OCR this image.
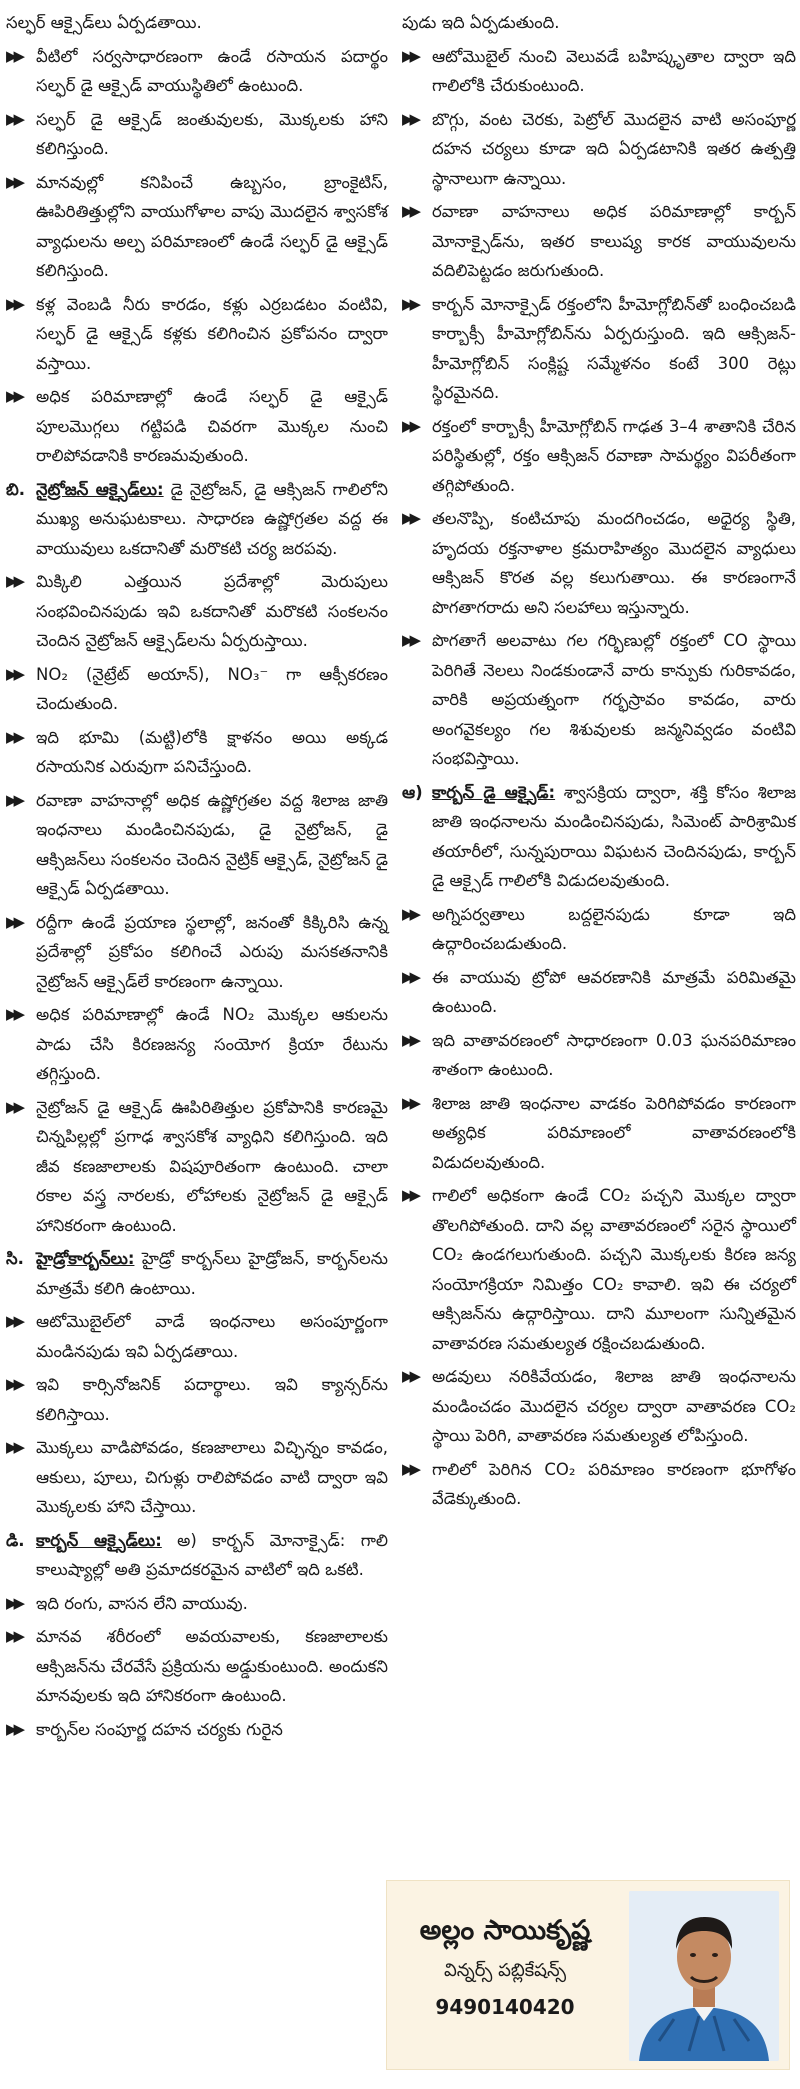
సల్ఫర్ ఆక్సైడ్‌లు ఏర్పడతాయి.
▶▶ వీటిలో సర్వసాధారణంగా ఉండే రసాయన పదార్థం సల్ఫర్ డై ఆక్సైడ్ వాయుస్థితిలో ఉంటుంది.
▶▶ సల్ఫర్ డై ఆక్సైడ్ జంతువులకు, మొక్కలకు హాని కలిగిస్తుంది.
▶▶ మానవుల్లో కనిపించే ఉబ్బసం, బ్రాంకైటిస్, ఊపిరితిత్తుల్లోని వాయుగోళాల వాపు మొదలైన శ్వాసకోశ వ్యాధులను అల్ప పరిమాణంలో ఉండే సల్ఫర్ డై ఆక్సైడ్ కలిగిస్తుంది.
▶▶ కళ్ల వెంబడి నీరు కారడం, కళ్లు ఎర్రబడటం వంటివి, సల్ఫర్ డై ఆక్సైడ్ కళ్లకు కలిగించిన ప్రకోపనం ద్వారా వస్తాయి.
▶▶ అధిక పరిమాణాల్లో ఉండే సల్ఫర్ డై ఆక్సైడ్ పూలమొగ్గలు గట్టిపడి చివరగా మొక్కల నుంచి రాలిపోవడానికి కారణమవుతుంది.
బి. నైట్రోజన్ ఆక్సైడ్‌లు: డై నైట్రోజన్, డై ఆక్సిజన్ గాలిలోని ముఖ్య అనుఘటకాలు. సాధారణ ఉష్ణోగ్రతల వద్ద ఈ వాయువులు ఒకదానితో మరొకటి చర్య జరపవు.
▶▶ మిక్కిలి ఎత్తయిన ప్రదేశాల్లో మెరుపులు సంభవించినపుడు ఇవి ఒకదానితో మరొకటి సంకలనం చెందిన నైట్రోజన్ ఆక్సైడ్‌లను ఏర్పరుస్తాయి.
▶▶ NO₂ (నైట్రేట్ అయాన్), NO₃⁻ గా ఆక్సీకరణం చెందుతుంది.
▶▶ ఇది భూమి (మట్టి)లోకి క్షాళనం అయి అక్కడ రసాయనిక ఎరువుగా పనిచేస్తుంది.
▶▶ రవాణా వాహనాల్లో అధిక ఉష్ణోగ్రతల వద్ద శిలాజ జాతి ఇంధనాలు మండించినపుడు, డై నైట్రోజన్, డై ఆక్సిజన్‌లు సంకలనం చెందిన నైట్రిక్ ఆక్సైడ్, నైట్రోజన్ డై ఆక్సైడ్ ఏర్పడతాయి.
▶▶ రద్దీగా ఉండే ప్రయాణ స్థలాల్లో, జనంతో కిక్కిరిసి ఉన్న ప్రదేశాల్లో ప్రకోపం కలిగించే ఎరుపు మసకతనానికి నైట్రోజన్ ఆక్సైడ్‌లే కారణంగా ఉన్నాయి.
▶▶ అధిక పరిమాణాల్లో ఉండే NO₂ మొక్కల ఆకులను పాడు చేసి కిరణజన్య సంయోగ క్రియా రేటును తగ్గిస్తుంది.
▶▶ నైట్రోజన్ డై ఆక్సైడ్ ఊపిరితిత్తుల ప్రకోపానికి కారణమై చిన్నపిల్లల్లో ప్రగాఢ శ్వాసకోశ వ్యాధిని కలిగిస్తుంది. ఇది జీవ కణజాలాలకు విషపూరితంగా ఉంటుంది. చాలా రకాల వస్త్ర నారలకు, లోహాలకు నైట్రోజన్ డై ఆక్సైడ్ హానికరంగా ఉంటుంది.
సి. హైడ్రోకార్బన్‌లు: హైడ్రో కార్బన్‌లు హైడ్రోజన్, కార్బన్‌లను మాత్రమే కలిగి ఉంటాయి.
▶▶ ఆటోమొబైల్‌లో వాడే ఇంధనాలు అసంపూర్ణంగా మండినపుడు ఇవి ఏర్పడతాయి.
▶▶ ఇవి కార్సినోజనిక్ పదార్థాలు. ఇవి క్యాన్సర్‌ను కలిగిస్తాయి.
▶▶ మొక్కలు వాడిపోవడం, కణజాలాలు విచ్ఛిన్నం కావడం, ఆకులు, పూలు, చిగుళ్లు రాలిపోవడం వాటి ద్వారా ఇవి మొక్కలకు హాని చేస్తాయి.
డి. కార్బన్ ఆక్సైడ్‌లు: అ) కార్బన్ మోనాక్సైడ్: గాలి కాలుష్యాల్లో అతి ప్రమాదకరమైన వాటిలో ఇది ఒకటి.
▶▶ ఇది రంగు, వాసన లేని వాయువు.
▶▶ మానవ శరీరంలో అవయవాలకు, కణజాలాలకు ఆక్సిజన్‌ను చేరవేసే ప్రక్రియను అడ్డుకుంటుంది. అందుకని మానవులకు ఇది హానికరంగా ఉంటుంది.
▶▶ కార్బన్‌ల సంపూర్ణ దహన చర్యకు గురైన
పుడు ఇది ఏర్పడుతుంది.
▶▶ ఆటోమొబైల్ నుంచి వెలువడే బహిష్కృతాల ద్వారా ఇది గాలిలోకి చేరుకుంటుంది.
▶▶ బొగ్గు, వంట చెరకు, పెట్రోల్ మొదలైన వాటి అసంపూర్ణ దహన చర్యలు కూడా ఇది ఏర్పడటానికి ఇతర ఉత్పత్తి స్థానాలుగా ఉన్నాయి.
▶▶ రవాణా వాహనాలు అధిక పరిమాణాల్లో కార్బన్ మోనాక్సైడ్‌ను, ఇతర కాలుష్య కారక వాయువులను వదిలిపెట్టడం జరుగుతుంది.
▶▶ కార్బన్ మోనాక్సైడ్ రక్తంలోని హీమోగ్లోబిన్‌తో బంధించబడి కార్బాక్సీ హీమోగ్లోబిన్‌ను ఏర్పరుస్తుంది. ఇది ఆక్సిజన్-హీమోగ్లోబిన్ సంక్లిష్ట సమ్మేళనం కంటే 300 రెట్లు స్థిరమైనది.
▶▶ రక్తంలో కార్బాక్సీ హీమోగ్లోబిన్ గాఢత 3–4 శాతానికి చేరిన పరిస్థితుల్లో, రక్తం ఆక్సిజన్ రవాణా సామర్థ్యం విపరీతంగా తగ్గిపోతుంది.
▶▶ తలనొప్పి, కంటిచూపు మందగించడం, అధైర్య స్థితి, హృదయ రక్తనాళాల క్రమరాహిత్యం మొదలైన వ్యాధులు ఆక్సిజన్ కొరత వల్ల కలుగుతాయి. ఈ కారణంగానే పొగతాగరాదు అని సలహాలు ఇస్తున్నారు.
▶▶ పొగతాగే అలవాటు గల గర్భిణుల్లో రక్తంలో CO స్థాయి పెరిగితే నెలలు నిండకుండానే వారు కాన్పుకు గురికావడం, వారికి అప్రయత్నంగా గర్భస్రావం కావడం, వారు అంగవైకల్యం గల శిశువులకు జన్మనివ్వడం వంటివి సంభవిస్తాయి.
ఆ) కార్బన్ డై ఆక్సైడ్: శ్వాసక్రియ ద్వారా, శక్తి కోసం శిలాజ జాతి ఇంధనాలను మండించినపుడు, సిమెంట్ పారిశ్రామిక తయారీలో, సున్నపురాయి విఘటన చెందినపుడు, కార్బన్ డై ఆక్సైడ్ గాలిలోకి విడుదలవుతుంది.
▶▶ అగ్నిపర్వతాలు బద్దలైనపుడు కూడా ఇది ఉద్గారించబడుతుంది.
▶▶ ఈ వాయువు ట్రోపో ఆవరణానికి మాత్రమే పరిమితమై ఉంటుంది.
▶▶ ఇది వాతావరణంలో సాధారణంగా 0.03 ఘనపరిమాణం శాతంగా ఉంటుంది.
▶▶ శిలాజ జాతి ఇంధనాల వాడకం పెరిగిపోవడం కారణంగా అత్యధిక పరిమాణంలో వాతావరణంలోకి విడుదలవుతుంది.
▶▶ గాలిలో అధికంగా ఉండే CO₂ పచ్చని మొక్కల ద్వారా తొలగిపోతుంది. దాని వల్ల వాతావరణంలో సరైన స్థాయిలో CO₂ ఉండగలుగుతుంది. పచ్చని మొక్కలకు కిరణ జన్య సంయోగక్రియా నిమిత్తం CO₂ కావాలి. ఇవి ఈ చర్యలో ఆక్సిజన్‌ను ఉద్గారిస్తాయి. దాని మూలంగా సున్నితమైన వాతావరణ సమతుల్యత రక్షించబడుతుంది.
▶▶ అడవులు నరికివేయడం, శిలాజ జాతి ఇంధనాలను మండించడం మొదలైన చర్యల ద్వారా వాతావరణ CO₂ స్థాయి పెరిగి, వాతావరణ సమతుల్యత లోపిస్తుంది.
▶▶ గాలిలో పెరిగిన CO₂ పరిమాణం కారణంగా భూగోళం వేడెక్కుతుంది.
అల్లం సాయికృష్ణ
విన్నర్స్ పబ్లికేషన్స్
9490140420
